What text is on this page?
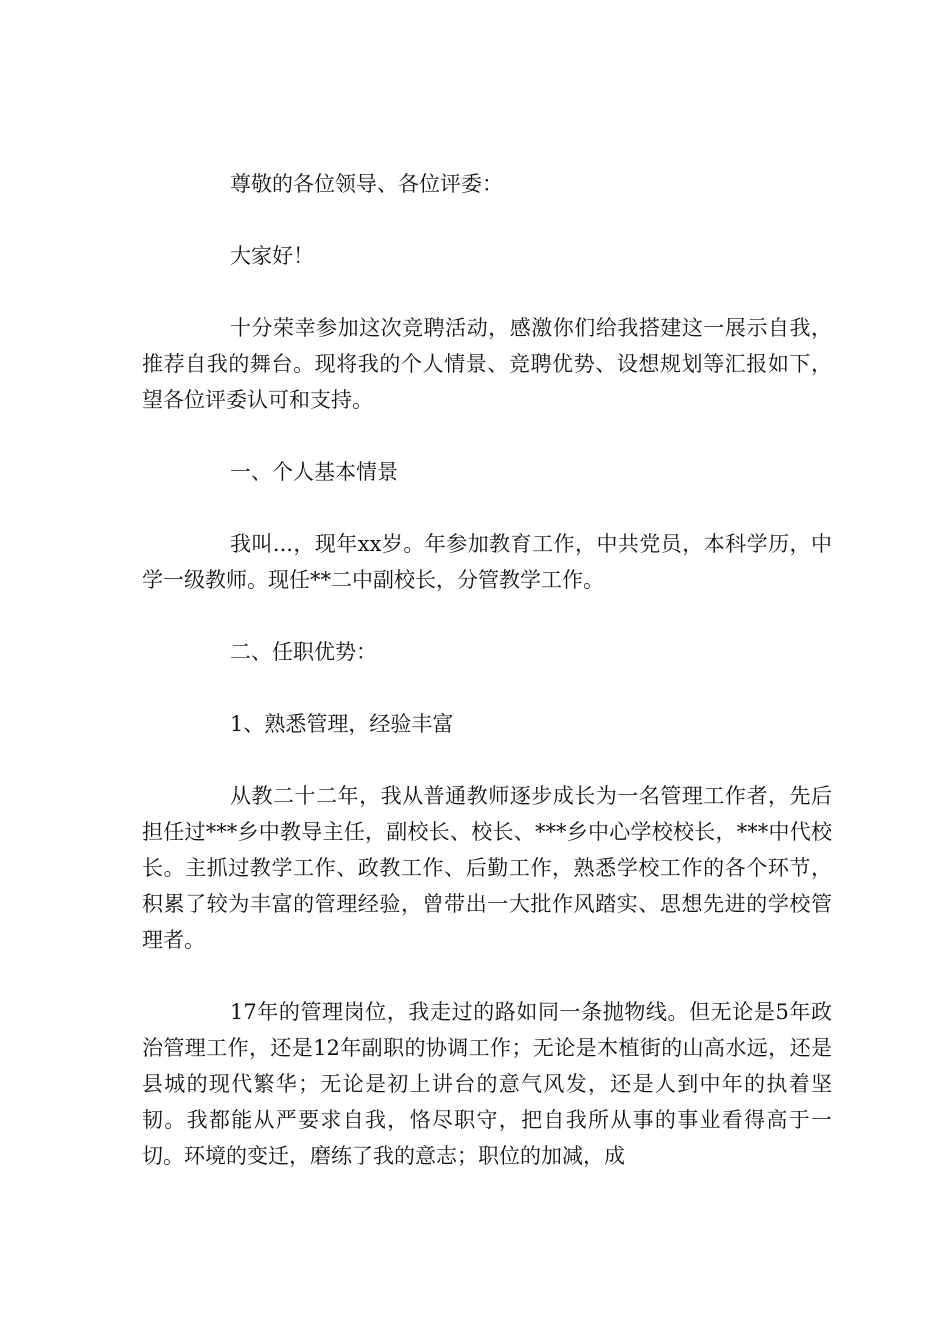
尊敬的各位领导、各位评委：

大家好！

十分荣幸参加这次竞聘活动，感激你们给我搭建这一展示自我，推荐自我的舞台。现将我的个人情景、竞聘优势、设想规划等汇报如下，望各位评委认可和支持。

一、个人基本情景

我叫...，现年xx岁。年参加教育工作，中共党员，本科学历，中学一级教师。现任**二中副校长，分管教学工作。

二、任职优势：

1、熟悉管理，经验丰富

从教二十二年，我从普通教师逐步成长为一名管理工作者，先后担任过***乡中教导主任，副校长、校长、***乡中心学校校长，***中代校长。主抓过教学工作、政教工作、后勤工作，熟悉学校工作的各个环节，积累了较为丰富的管理经验，曾带出一大批作风踏实、思想先进的学校管理者。

17年的管理岗位，我走过的路如同一条抛物线。但无论是5年政治管理工作，还是12年副职的协调工作；无论是木植街的山高水远，还是县城的现代繁华；无论是初上讲台的意气风发，还是人到中年的执着坚韧。我都能从严要求自我，恪尽职守，把自我所从事的事业看得高于一切。环境的变迁，磨练了我的意志；职位的加减，成
